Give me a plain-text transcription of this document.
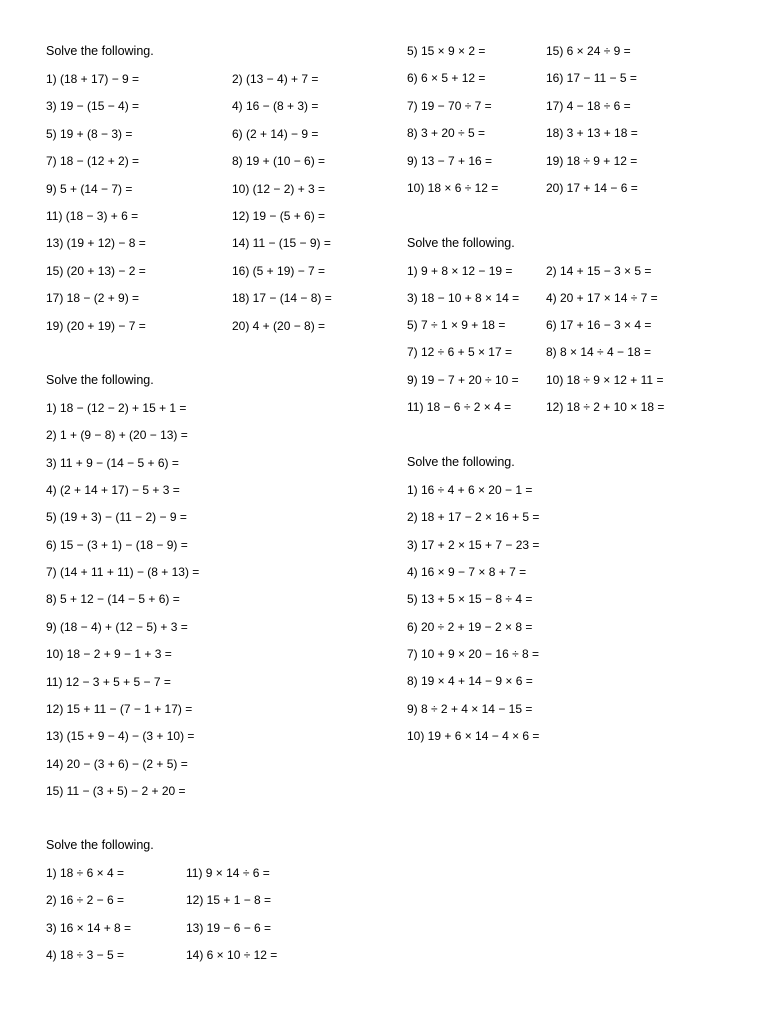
Solve the following.
1) (18 + 17) − 9 =
3) 19 − (15 − 4) =
5) 19 + (8 − 3) =
7) 18 − (12 + 2) =
9) 5 + (14 − 7) =
11) (18 − 3) + 6 =
13) (19 + 12) − 8 =
15) (20 + 13) − 2 =
17) 18 − (2 + 9) =
19) (20 + 19) − 7 =
2) (13 − 4) + 7 =
4) 16 − (8 + 3) =
6) (2 + 14) − 9 =
8) 19 + (10 − 6) =
10) (12 − 2) + 3 =
12) 19 − (5 + 6) =
14) 11 − (15 − 9) =
16) (5 + 19) − 7 =
18) 17 − (14 − 8) =
20) 4 + (20 − 8) =
5) 15 × 9 × 2 =
6) 6 × 5 + 12 =
7) 19 − 70 ÷ 7 =
8) 3 + 20 ÷ 5 =
9) 13 − 7 + 16 =
10) 18 × 6 ÷ 12 =
15) 6 × 24 ÷ 9 =
16) 17 − 11 − 5 =
17) 4 − 18 ÷ 6 =
18) 3 + 13 + 18 =
19) 18 ÷ 9 + 12 =
20) 17 + 14 − 6 =
Solve the following.
1) 9 + 8 × 12 − 19 =
3) 18 − 10 + 8 × 14 =
5) 7 ÷ 1 × 9 + 18 =
7) 12 ÷ 6 + 5 × 17 =
9) 19 − 7 + 20 ÷ 10 =
11) 18 − 6 ÷ 2 × 4 =
2) 14 + 15 − 3 × 5 =
4) 20 + 17 × 14 ÷ 7 =
6) 17 + 16 − 3 × 4 =
8) 8 × 14 ÷ 4 − 18 =
10) 18 ÷ 9 × 12 + 11 =
12) 18 ÷ 2 + 10 × 18 =
Solve the following.
1) 18 − (12 − 2) + 15 + 1 =
2) 1 + (9 − 8) + (20 − 13) =
3) 11 + 9 − (14 − 5 + 6) =
4) (2 + 14 + 17) − 5 + 3 =
5) (19 + 3) − (11 − 2) − 9 =
6) 15 − (3 + 1) − (18 − 9) =
7) (14 + 11 + 11) − (8 + 13) =
8) 5 + 12 − (14 − 5 + 6) =
9) (18 − 4) + (12 − 5) + 3 =
10) 18 − 2 + 9 − 1 + 3 =
11) 12 − 3 + 5 + 5 − 7 =
12) 15 + 11 − (7 − 1 + 17) =
13) (15 + 9 − 4) − (3 + 10) =
14) 20 − (3 + 6) − (2 + 5) =
15) 11 − (3 + 5) − 2 + 20 =
Solve the following.
1) 16 ÷ 4 + 6 × 20 − 1 =
2) 18 + 17 − 2 × 16 + 5 =
3) 17 + 2 × 15 + 7 − 23 =
4) 16 × 9 − 7 × 8 + 7 =
5) 13 + 5 × 15 − 8 ÷ 4 =
6) 20 ÷ 2 + 19 − 2 × 8 =
7) 10 + 9 × 20 − 16 ÷ 8 =
8) 19 × 4 + 14 − 9 × 6 =
9) 8 ÷ 2 + 4 × 14 − 15 =
10) 19 + 6 × 14 − 4 × 6 =
Solve the following.
1) 18 ÷ 6 × 4 =
2) 16 ÷ 2 − 6 =
3) 16 × 14 + 8 =
4) 18 ÷ 3 − 5 =
11) 9 × 14 ÷ 6 =
12) 15 + 1 − 8 =
13) 19 − 6 − 6 =
14) 6 × 10 ÷ 12 =
